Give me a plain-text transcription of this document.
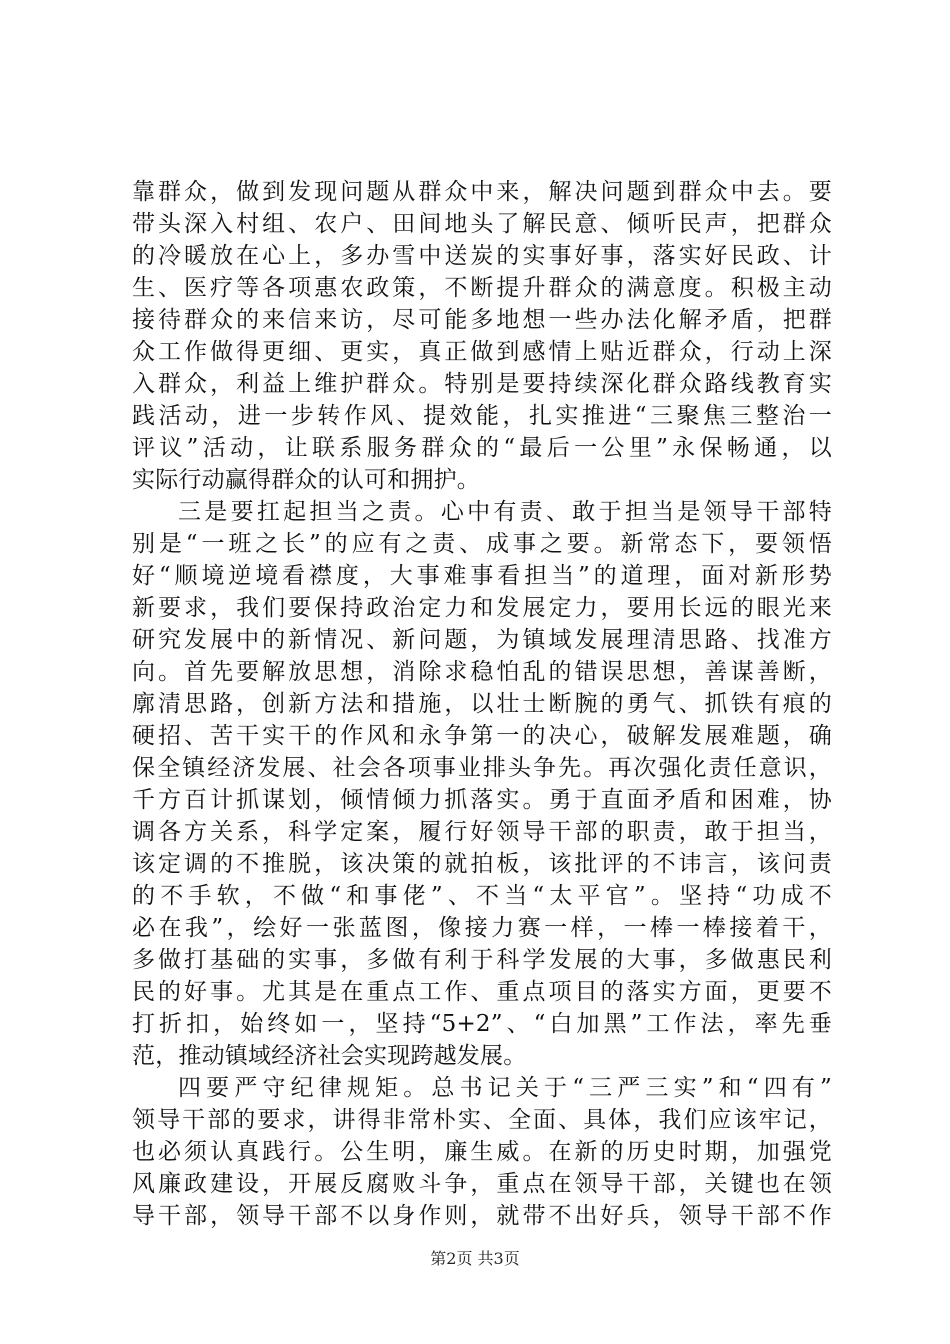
靠群众，做到发现问题从群众中来，解决问题到群众中去。要
带头深入村组、农户、田间地头了解民意、倾听民声，把群众
的冷暖放在心上，多办雪中送炭的实事好事，落实好民政、计
生、医疗等各项惠农政策，不断提升群众的满意度。积极主动
接待群众的来信来访，尽可能多地想一些办法化解矛盾，把群
众工作做得更细、更实，真正做到感情上贴近群众，行动上深
入群众，利益上维护群众。特别是要持续深化群众路线教育实
践活动，进一步转作风、提效能，扎实推进“三聚焦三整治一
评议”活动，让联系服务群众的“最后一公里”永保畅通，以
实际行动赢得群众的认可和拥护。
三是要扛起担当之责。心中有责、敢于担当是领导干部特
别是“一班之长”的应有之责、成事之要。新常态下，要领悟
好“顺境逆境看襟度，大事难事看担当”的道理，面对新形势
新要求，我们要保持政治定力和发展定力，要用长远的眼光来
研究发展中的新情况、新问题，为镇域发展理清思路、找准方
向。首先要解放思想，消除求稳怕乱的错误思想，善谋善断，
廓清思路，创新方法和措施，以壮士断腕的勇气、抓铁有痕的
硬招、苦干实干的作风和永争第一的决心，破解发展难题，确
保全镇经济发展、社会各项事业排头争先。再次强化责任意识，
千方百计抓谋划，倾情倾力抓落实。勇于直面矛盾和困难，协
调各方关系，科学定案，履行好领导干部的职责，敢于担当，
该定调的不推脱，该决策的就拍板，该批评的不讳言，该问责
的不手软，不做“和事佬”、不当“太平官”。坚持“功成不
必在我”，绘好一张蓝图，像接力赛一样，一棒一棒接着干，
多做打基础的实事，多做有利于科学发展的大事，多做惠民利
民的好事。尤其是在重点工作、重点项目的落实方面，更要不
打折扣，始终如一，坚持“5+2”、“白加黑”工作法，率先垂
范，推动镇域经济社会实现跨越发展。
四要严守纪律规矩。总书记关于“三严三实”和“四有”
领导干部的要求，讲得非常朴实、全面、具体，我们应该牢记，
也必须认真践行。公生明，廉生威。在新的历史时期，加强党
风廉政建设，开展反腐败斗争，重点在领导干部，关键也在领
导干部，领导干部不以身作则，就带不出好兵，领导干部不作
第2页 共3页
